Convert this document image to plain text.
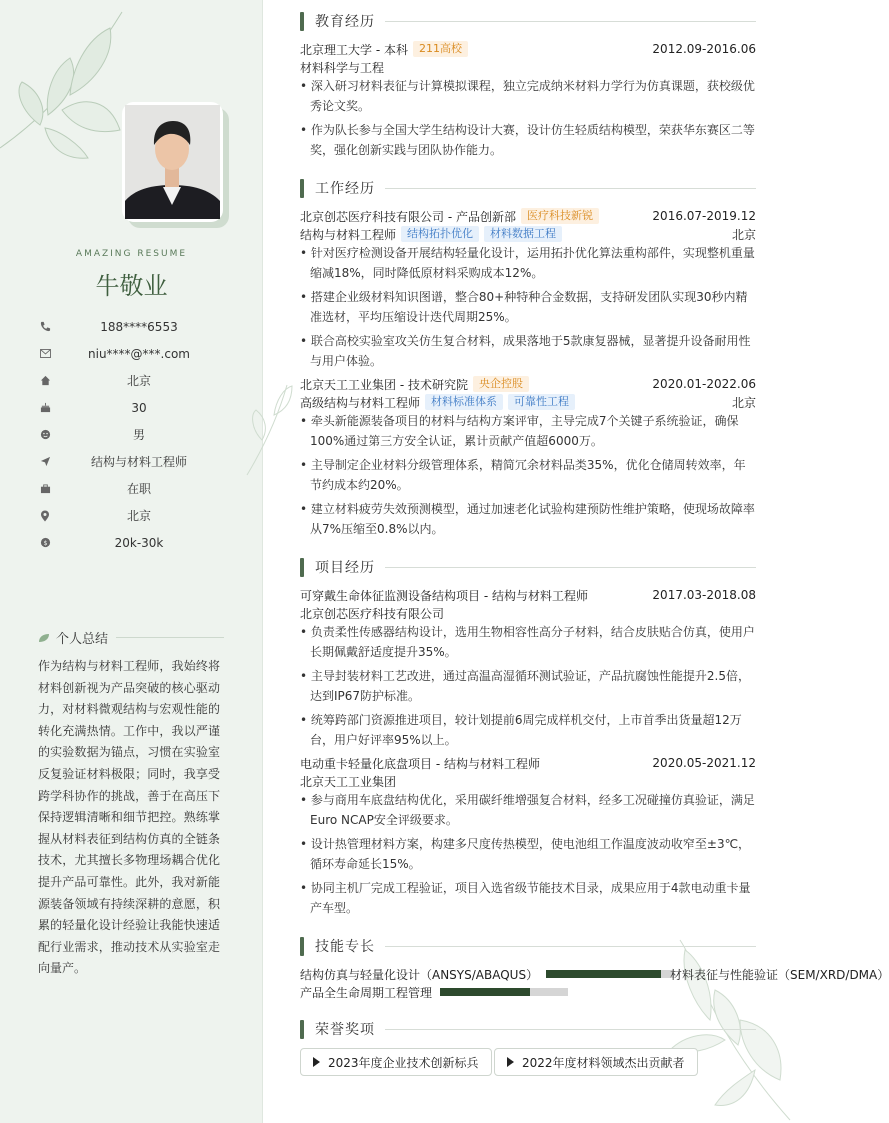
AMAZING RESUME
牛敬业
188****6553
niu****@***.com
北京
30
男
结构与材料工程师
在职
北京
$	20k-30k
个人总结
作为结构与材料工程师，我始终将材料创新视为产品突破的核心驱动力，对材料微观结构与宏观性能的转化充满热情。工作中，我以严谨的实验数据为锚点，习惯在实验室反复验证材料极限；同时，我享受跨学科协作的挑战，善于在高压下保持逻辑清晰和细节把控。熟练掌握从材料表征到结构仿真的全链条技术，尤其擅长多物理场耦合优化提升产品可靠性。此外，我对新能源装备领域有持续深耕的意愿，积累的轻量化设计经验让我能快速适配行业需求，推动技术从实验室走向量产。
教育经历
北京理工大学 - 本科	211高校	2012.09-2016.06
材料科学与工程
• 深入研习材料表征与计算模拟课程，独立完成纳米材料力学行为仿真课题，获校级优秀论文奖。
• 作为队长参与全国大学生结构设计大赛，设计仿生轻质结构模型，荣获华东赛区二等奖，强化创新实践与团队协作能力。
工作经历
北京创芯医疗科技有限公司 - 产品创新部	医疗科技新锐	2016.07-2019.12
结构与材料工程师	结构拓扑优化	材料数据工程	北京
• 针对医疗检测设备开展结构轻量化设计，运用拓扑优化算法重构部件，实现整机重量缩减18%，同时降低原材料采购成本12%。
• 搭建企业级材料知识图谱，整合80+种特种合金数据，支持研发团队实现30秒内精准选材，平均压缩设计迭代周期25%。
• 联合高校实验室攻关仿生复合材料，成果落地于5款康复器械，显著提升设备耐用性与用户体验。
北京天工工业集团 - 技术研究院	央企控股	2020.01-2022.06
高级结构与材料工程师	材料标准体系	可靠性工程	北京
• 牵头新能源装备项目的材料与结构方案评审，主导完成7个关键子系统验证，确保100%通过第三方安全认证，累计贡献产值超6000万。
• 主导制定企业材料分级管理体系，精简冗余材料品类35%，优化仓储周转效率，年节约成本约20%。
• 建立材料疲劳失效预测模型，通过加速老化试验构建预防性维护策略，使现场故障率从7%压缩至0.8%以内。
项目经历
可穿戴生命体征监测设备结构项目 - 结构与材料工程师	2017.03-2018.08
北京创芯医疗科技有限公司
• 负责柔性传感器结构设计，选用生物相容性高分子材料，结合皮肤贴合仿真，使用户长期佩戴舒适度提升35%。
• 主导封装材料工艺改进，通过高温高湿循环测试验证，产品抗腐蚀性能提升2.5倍，达到IP67防护标准。
• 统筹跨部门资源推进项目，较计划提前6周完成样机交付，上市首季出货量超12万台，用户好评率95%以上。
电动重卡轻量化底盘项目 - 结构与材料工程师	2020.05-2021.12
北京天工工业集团
• 参与商用车底盘结构优化，采用碳纤维增强复合材料，经多工况碰撞仿真验证，满足Euro NCAP安全评级要求。
• 设计热管理材料方案，构建多尺度传热模型，使电池组工作温度波动收窄至±3℃，循环寿命延长15%。
• 协同主机厂完成工程验证，项目入选省级节能技术目录，成果应用于4款电动重卡量产车型。
技能专长
结构仿真与轻量化设计（ANSYS/ABAQUS）	材料表征与性能验证（SEM/XRD/DMA）
产品全生命周期工程管理
荣誉奖项
2023年度企业技术创新标兵	2022年度材料领域杰出贡献者
